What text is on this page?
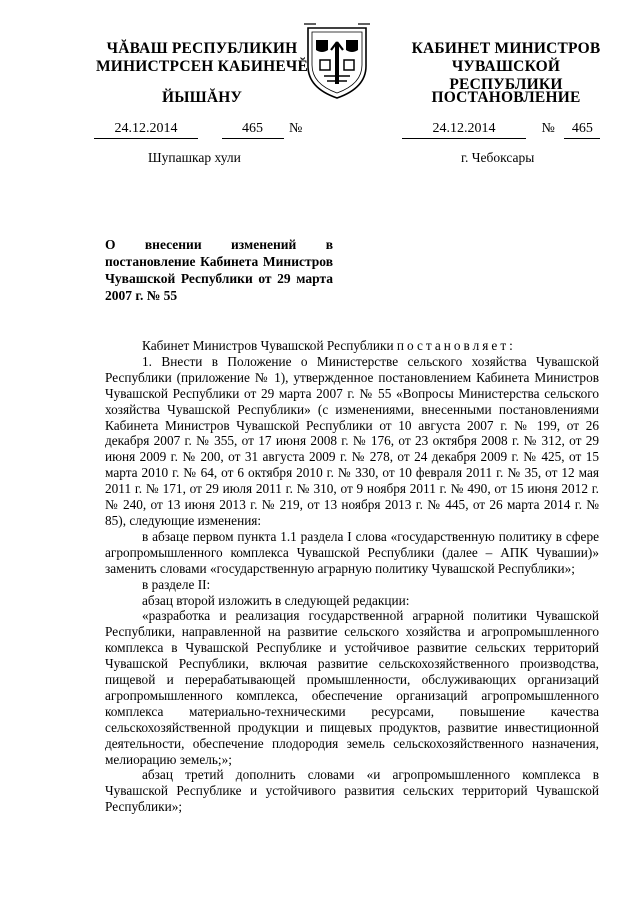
ЧĂВАШ РЕСПУБЛИКИН
МИНИСТРСЕН КАБИНЕЧĔ
ЙЫШĂНУ
КАБИНЕТ МИНИСТРОВ
ЧУВАШСКОЙ РЕСПУБЛИКИ
ПОСТАНОВЛЕНИЕ
24.12.2014	465 №	24.12.2014	№ 465
Шупашкар хули	г. Чебоксары
О внесении изменений в постановление Кабинета Министров Чувашской Республики от 29 марта 2007 г. № 55

Кабинет Министров Чувашской Республики постановляет:

1. Внести в Положение о Министерстве сельского хозяйства Чувашской Республики (приложение № 1), утвержденное постановлением Кабинета Министров Чувашской Республики от 29 марта 2007 г. № 55 «Вопросы Министерства сельского хозяйства Чувашской Республики» (с изменениями, внесенными постановлениями Кабинета Министров Чувашской Республики от 10 августа 2007 г. № 199, от 26 декабря 2007 г. № 355, от 17 июня 2008 г. № 176, от 23 октября 2008 г. № 312, от 29 июня 2009 г. № 200, от 31 августа 2009 г. № 278, от 24 декабря 2009 г. № 425, от 15 марта 2010 г. № 64, от 6 октября 2010 г. № 330, от 10 февраля 2011 г. № 35, от 12 мая 2011 г. № 171, от 29 июля 2011 г. № 310, от 9 ноября 2011 г. № 490, от 15 июня 2012 г. № 240, от 13 июня 2013 г. № 219, от 13 ноября 2013 г. № 445, от 26 марта 2014 г. № 85), следующие изменения:

в абзаце первом пункта 1.1 раздела I слова «государственную политику в сфере агропромышленного комплекса Чувашской Республики (далее – АПК Чувашии)» заменить словами «государственную аграрную политику Чувашской Республики»;

в разделе II:

абзац второй изложить в следующей редакции:

«разработка и реализация государственной аграрной политики Чувашской Республики, направленной на развитие сельского хозяйства и агропромышленного комплекса в Чувашской Республике и устойчивое развитие сельских территорий Чувашской Республики, включая развитие сельскохозяйственного производства, пищевой и перерабатывающей промышленности, обслуживающих организаций агропромышленного комплекса, обеспечение организаций агропромышленного комплекса материально-техническими ресурсами, повышение качества сельскохозяйственной продукции и пищевых продуктов, развитие инвестиционной деятельности, обеспечение плодородия земель сельскохозяйственного назначения, мелиорацию земель;»;

абзац третий дополнить словами «и агропромышленного комплекса в Чувашской Республике и устойчивого развития сельских территорий Чувашской Республики»;
